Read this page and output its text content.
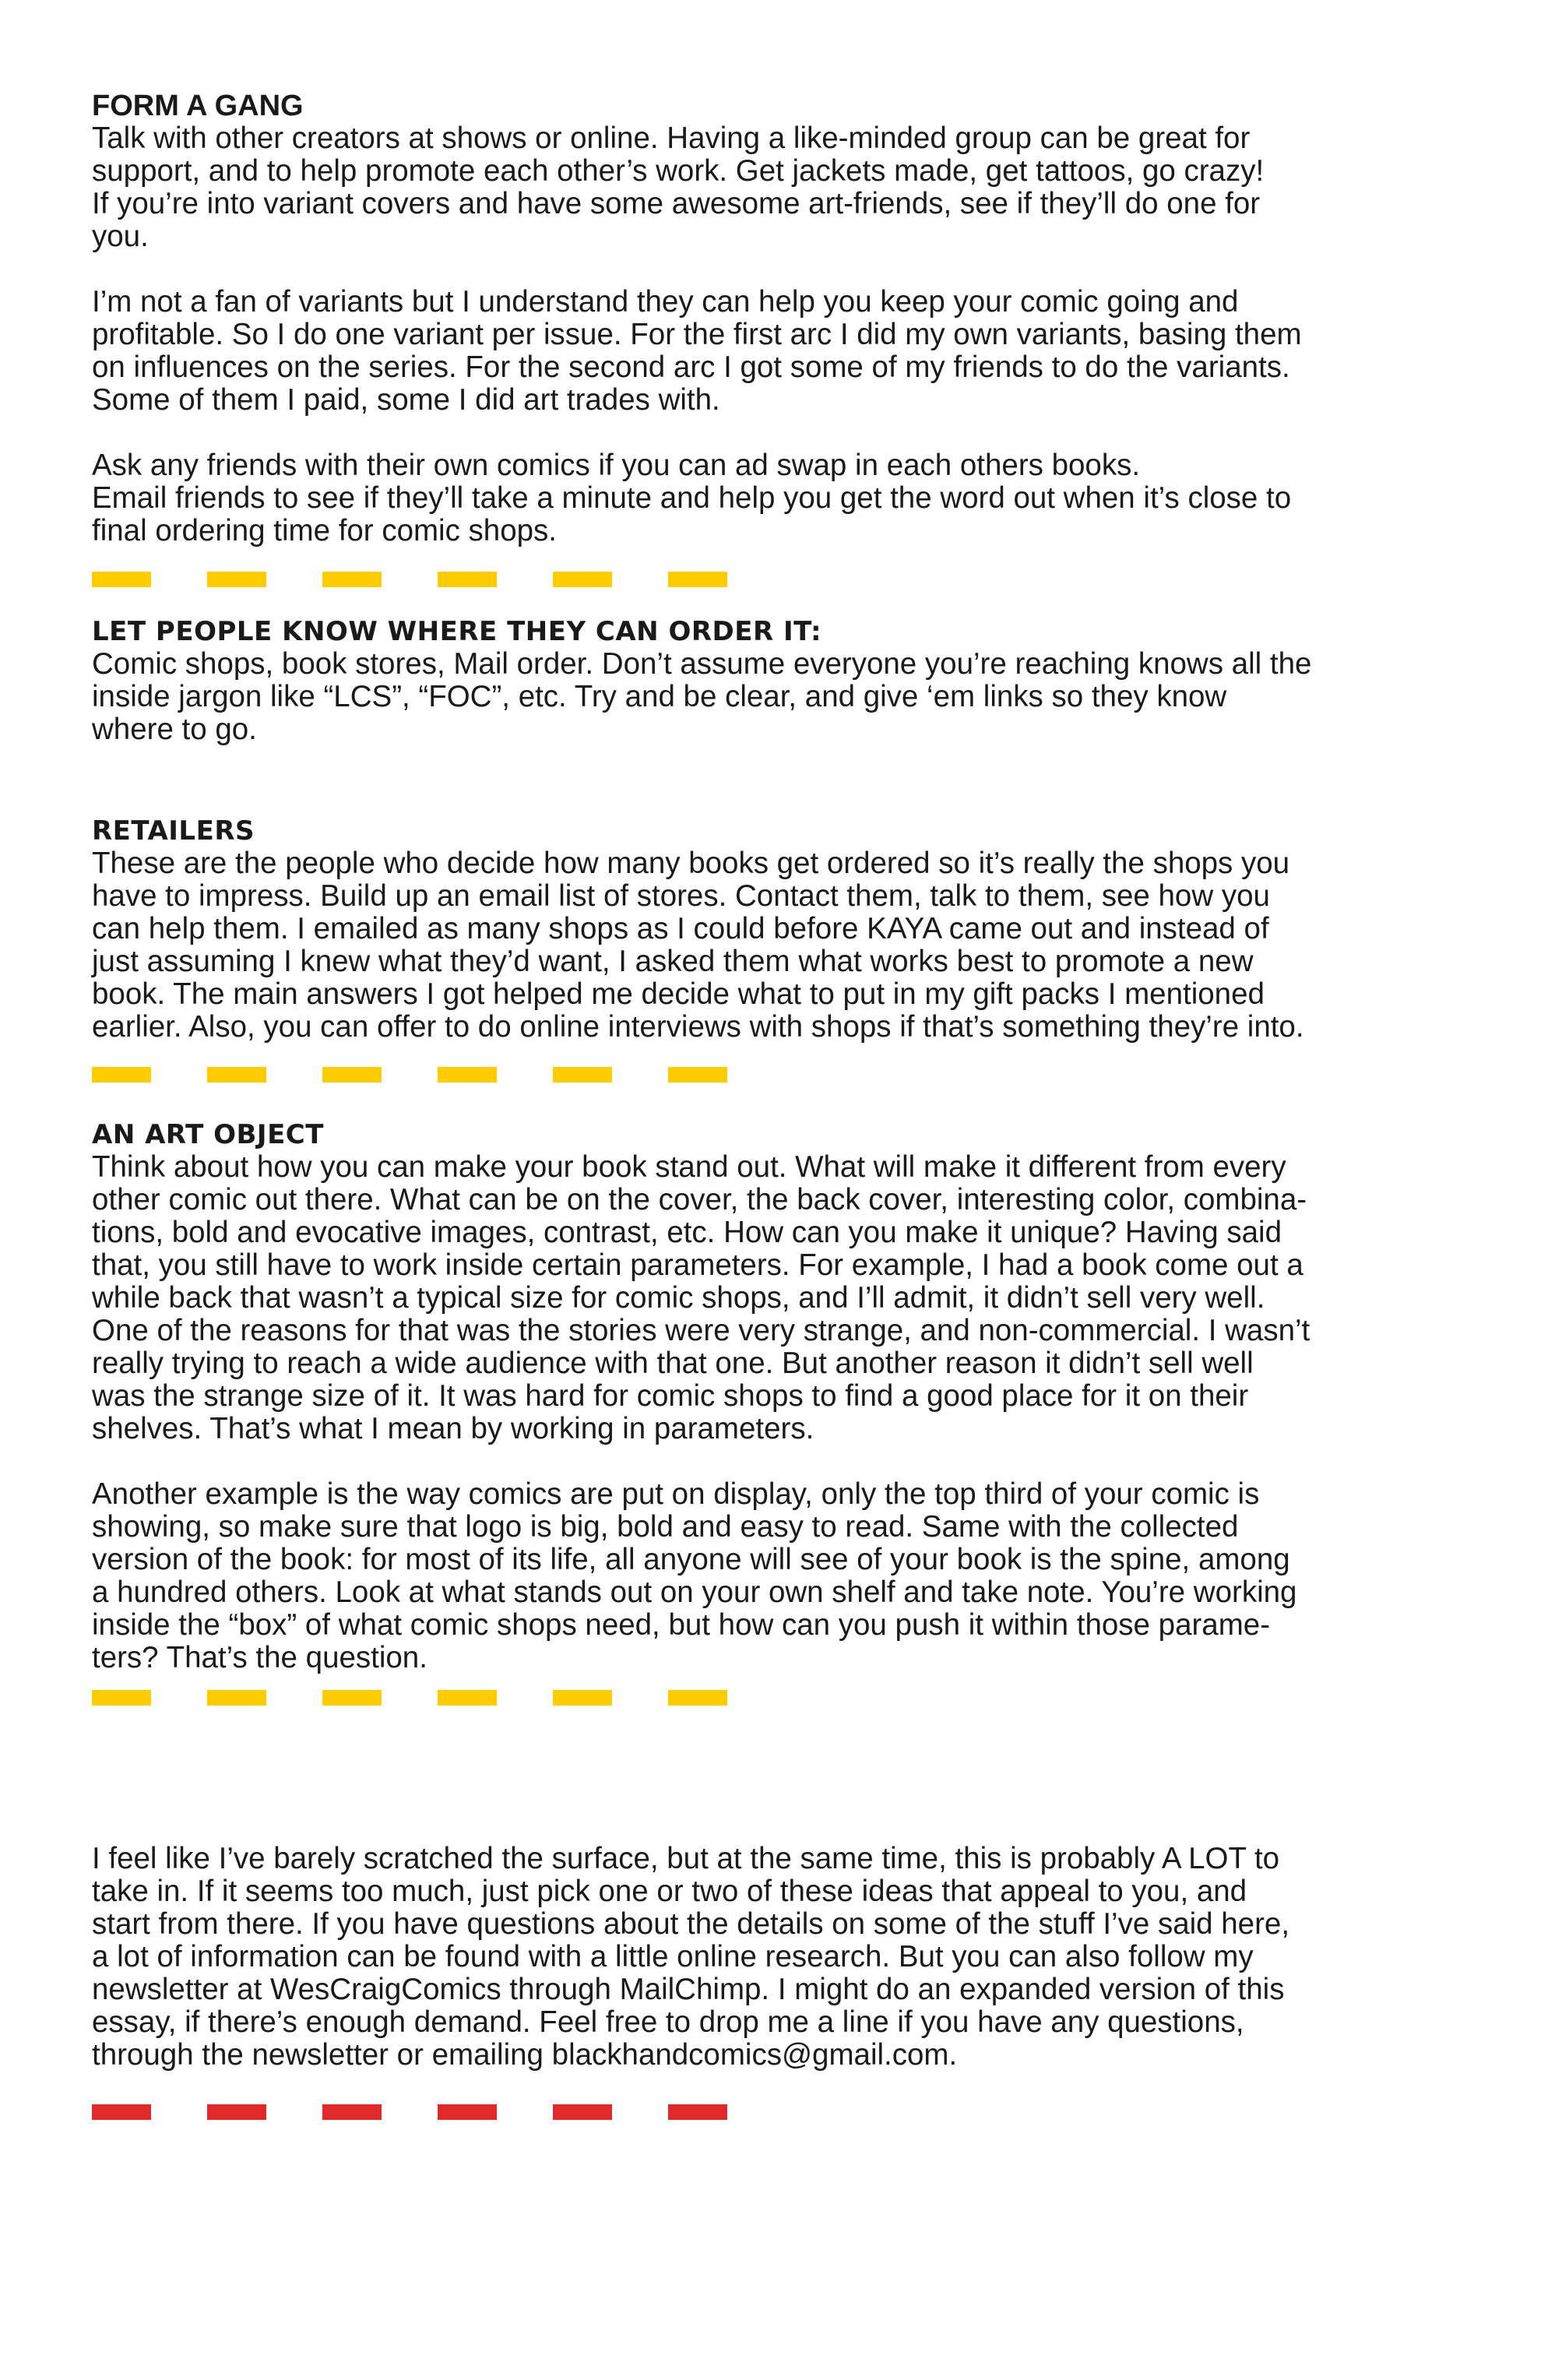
FORM A GANG

Talk with other creators at shows or online. Having a like-minded group can be great for
support, and to help promote each other’s work. Get jackets made, get tattoos, go crazy!
If you’re into variant covers and have some awesome art-friends, see if they’ll do one for
you.

I’m not a fan of variants but I understand they can help you keep your comic going and
profitable. So I do one variant per issue. For the first arc I did my own variants, basing them
on influences on the series. For the second arc I got some of my friends to do the variants.
Some of them I paid, some I did art trades with.

Ask any friends with their own comics if you can ad swap in each others books.
Email friends to see if they’ll take a minute and help you get the word out when it’s close to
final ordering time for comic shops.

LET PEOPLE KNOW WHERE THEY CAN ORDER IT:

Comic shops, book stores, Mail order. Don’t assume everyone you’re reaching knows all the
inside jargon like “LCS”, “FOC”, etc. Try and be clear, and give ‘em links so they know
where to go.

RETAILERS

These are the people who decide how many books get ordered so it’s really the shops you
have to impress. Build up an email list of stores. Contact them, talk to them, see how you
can help them. I emailed as many shops as I could before KAYA came out and instead of
just assuming I knew what they’d want, I asked them what works best to promote a new
book. The main answers I got helped me decide what to put in my gift packs I mentioned
earlier. Also, you can offer to do online interviews with shops if that’s something they’re into.

AN ART OBJECT

Think about how you can make your book stand out. What will make it different from every
other comic out there. What can be on the cover, the back cover, interesting color, combina-
tions, bold and evocative images, contrast, etc. How can you make it unique? Having said
that, you still have to work inside certain parameters. For example, I had a book come out a
while back that wasn’t a typical size for comic shops, and I’ll admit, it didn’t sell very well.
One of the reasons for that was the stories were very strange, and non-commercial. I wasn’t
really trying to reach a wide audience with that one. But another reason it didn’t sell well
was the strange size of it. It was hard for comic shops to find a good place for it on their
shelves. That’s what I mean by working in parameters.

Another example is the way comics are put on display, only the top third of your comic is
showing, so make sure that logo is big, bold and easy to read. Same with the collected
version of the book: for most of its life, all anyone will see of your book is the spine, among
a hundred others. Look at what stands out on your own shelf and take note. You’re working
inside the “box” of what comic shops need, but how can you push it within those parame-
ters? That’s the question.

I feel like I’ve barely scratched the surface, but at the same time, this is probably A LOT to
take in. If it seems too much, just pick one or two of these ideas that appeal to you, and
start from there. If you have questions about the details on some of the stuff I’ve said here,
a lot of information can be found with a little online research. But you can also follow my
newsletter at WesCraigComics through MailChimp. I might do an expanded version of this
essay, if there’s enough demand. Feel free to drop me a line if you have any questions,
through the newsletter or emailing blackhandcomics@gmail.com.
